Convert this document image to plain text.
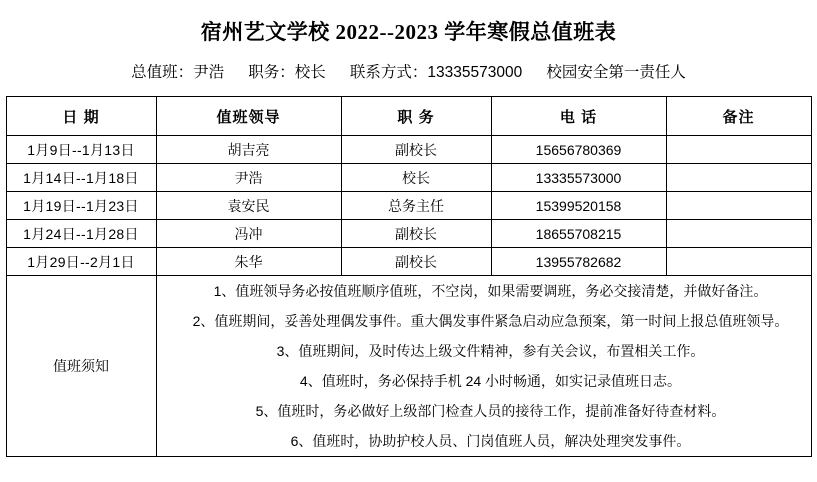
宿州艺文学校 2022--2023 学年寒假总值班表
总值班：尹浩 　 职务：校长 　 联系方式：13335573000 　 校园安全第一责任人
日 期	值班领导	职 务	电 话	备注
1月9日--1月13日	胡吉亮	副校长	15656780369	
1月14日--1月18日	尹浩	校长	13335573000	
1月19日--1月23日	袁安民	总务主任	15399520158	
1月24日--1月28日	冯冲	副校长	18655708215	
1月29日--2月1日	朱华	副校长	13955782682	
值班须知	
1、值班领导务必按值班顺序值班，不空岗，如果需要调班，务必交接清楚，并做好备注。
2、值班期间，妥善处理偶发事件。重大偶发事件紧急启动应急预案，第一时间上报总值班领导。
3、值班期间，及时传达上级文件精神，参有关会议，布置相关工作。
4、值班时，务必保持手机 24 小时畅通，如实记录值班日志。
5、值班时，务必做好上级部门检查人员的接待工作，提前准备好待查材料。
6、值班时，协助护校人员、门岗值班人员，解决处理突发事件。
